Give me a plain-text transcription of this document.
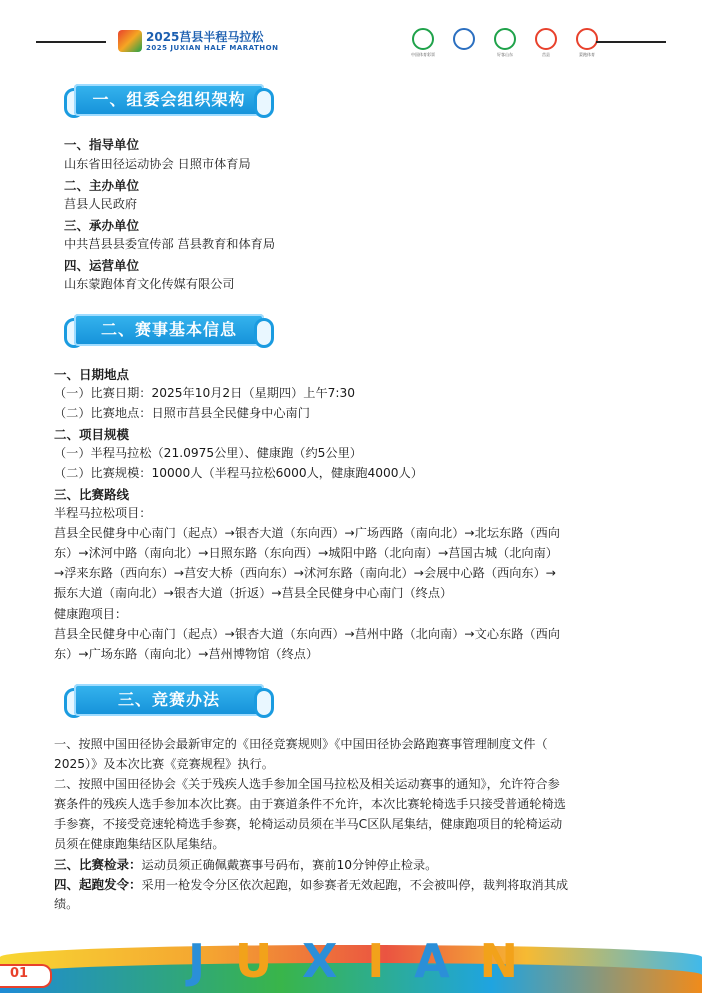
2025莒县半程马拉松
2025 JUXIAN HALF MARATHON
中国体育彩票	好客山东	莒县	蒙跑体育
一、组委会组织架构
一、指导单位
山东省田径运动协会 日照市体育局
二、主办单位
莒县人民政府
三、承办单位
中共莒县县委宣传部 莒县教育和体育局
四、运营单位
山东蒙跑体育文化传媒有限公司
二、赛事基本信息
一、日期地点
（一）比赛日期：2025年10月2日（星期四）上午7:30
（二）比赛地点：日照市莒县全民健身中心南门
二、项目规模
（一）半程马拉松（21.0975公里）、健康跑（约5公里）
（二）比赛规模：10000人（半程马拉松6000人，健康跑4000人）
三、比赛路线
半程马拉松项目：
莒县全民健身中心南门（起点）→银杏大道（东向西）→广场西路（南向北）→北坛东路（西向
东）→沭河中路（南向北）→日照东路（东向西）→城阳中路（北向南）→莒国古城（北向南）
→浮来东路（西向东）→莒安大桥（西向东）→沭河东路（南向北）→会展中心路（西向东）→
振东大道（南向北）→银杏大道（折返）→莒县全民健身中心南门（终点）
健康跑项目：
莒县全民健身中心南门（起点）→银杏大道（东向西）→莒州中路（北向南）→文心东路（西向
东）→广场东路（南向北）→莒州博物馆（终点）
三、竞赛办法
一、按照中国田径协会最新审定的《田径竞赛规则》《中国田径协会路跑赛事管理制度文件（
2025）》及本次比赛《竞赛规程》执行。
二、按照中国田径协会《关于残疾人选手参加全国马拉松及相关运动赛事的通知》，允许符合参
赛条件的残疾人选手参加本次比赛。由于赛道条件不允许，本次比赛轮椅选手只接受普通轮椅选
手参赛，不接受竞速轮椅选手参赛，轮椅运动员须在半马C区队尾集结，健康跑项目的轮椅运动
员须在健康跑集结区队尾集结。
三、比赛检录：运动员须正确佩戴赛事号码布，赛前10分钟停止检录。
四、起跑发令：采用一枪发令分区依次起跑，如参赛者无效起跑，不会被叫停，裁判将取消其成
绩。
J U X I A N
01
